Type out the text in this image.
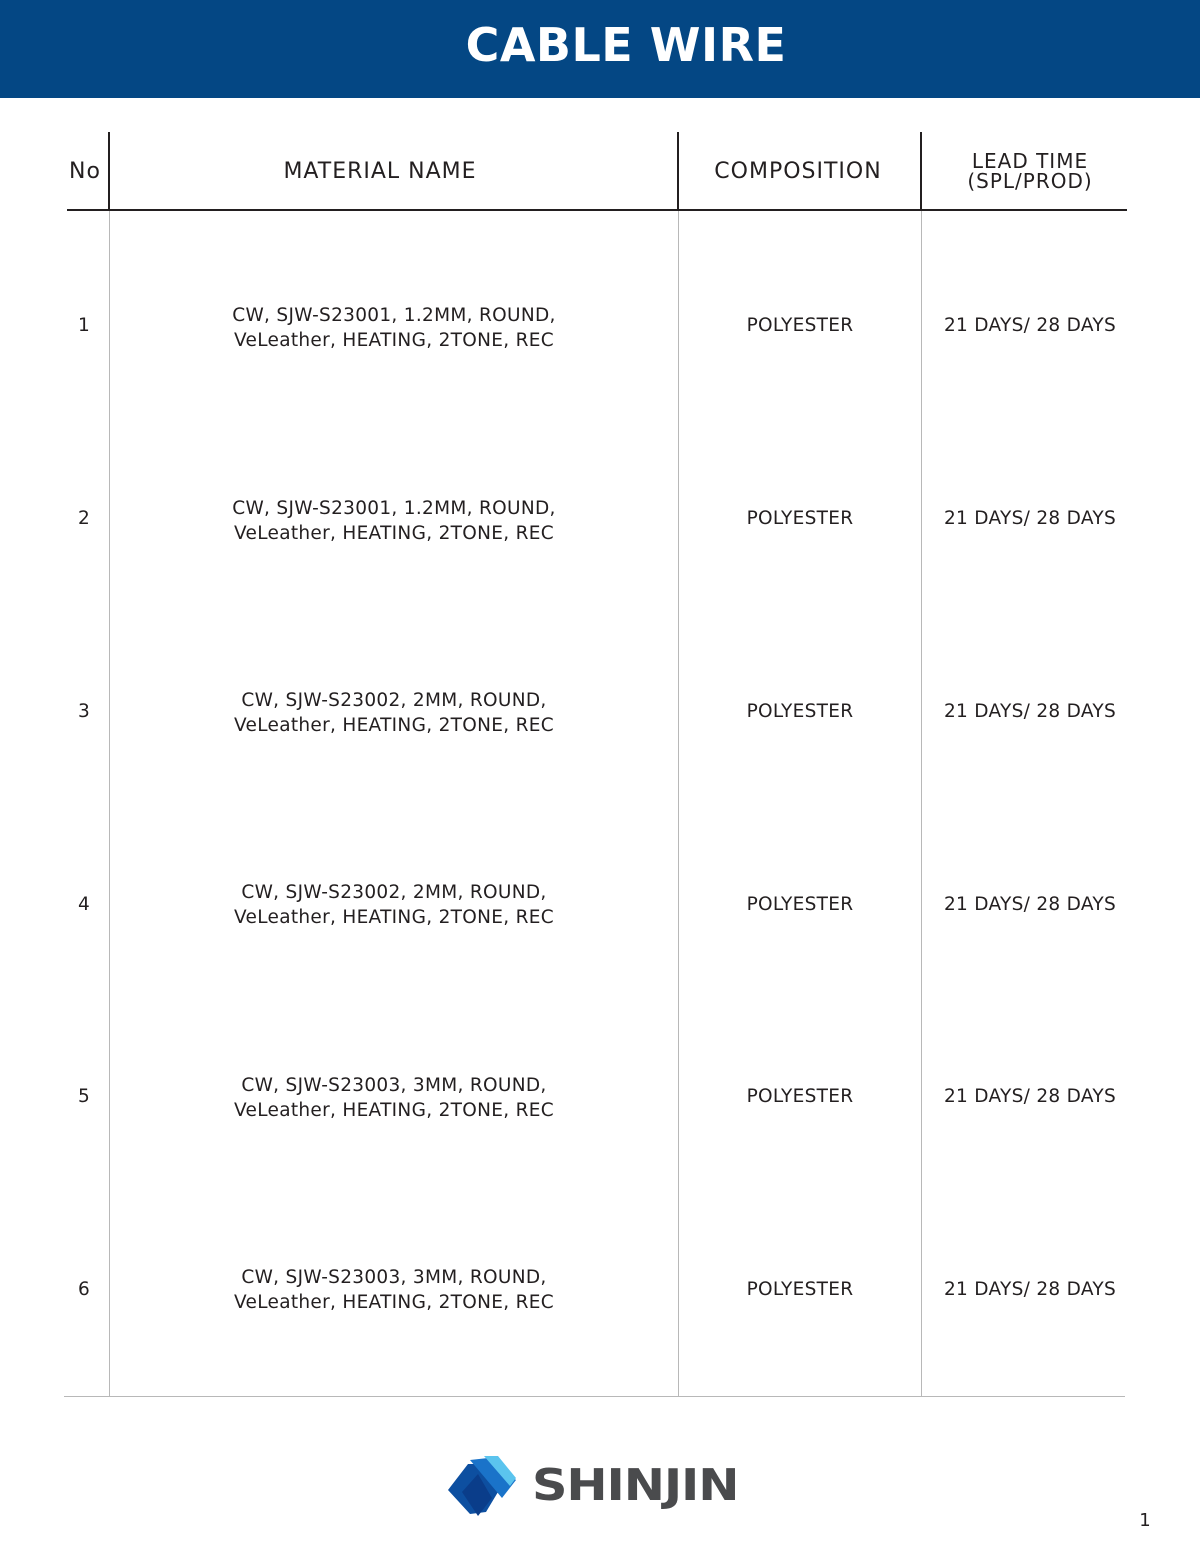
CABLE WIRE
No	MATERIAL NAME	COMPOSITION	LEAD TIME
(SPL/PROD)
1	CW, SJW-S23001, 1.2MM, ROUND,
VeLeather, HEATING, 2TONE, REC
POLYESTER	21 DAYS/ 28 DAYS
2	CW, SJW-S23001, 1.2MM, ROUND,
VeLeather, HEATING, 2TONE, REC
POLYESTER	21 DAYS/ 28 DAYS
3	CW, SJW-S23002, 2MM, ROUND,
VeLeather, HEATING, 2TONE, REC
POLYESTER	21 DAYS/ 28 DAYS
4
CW, SJW-S23002, 2MM, ROUND,
VeLeather, HEATING, 2TONE, REC
POLYESTER	21 DAYS/ 28 DAYS
5	CW, SJW-S23003, 3MM, ROUND,
VeLeather, HEATING, 2TONE, REC
POLYESTER	21 DAYS/ 28 DAYS
6
CW, SJW-S23003, 3MM, ROUND,
VeLeather, HEATING, 2TONE, REC
POLYESTER	21 DAYS/ 28 DAYS
SHINJIN
1
